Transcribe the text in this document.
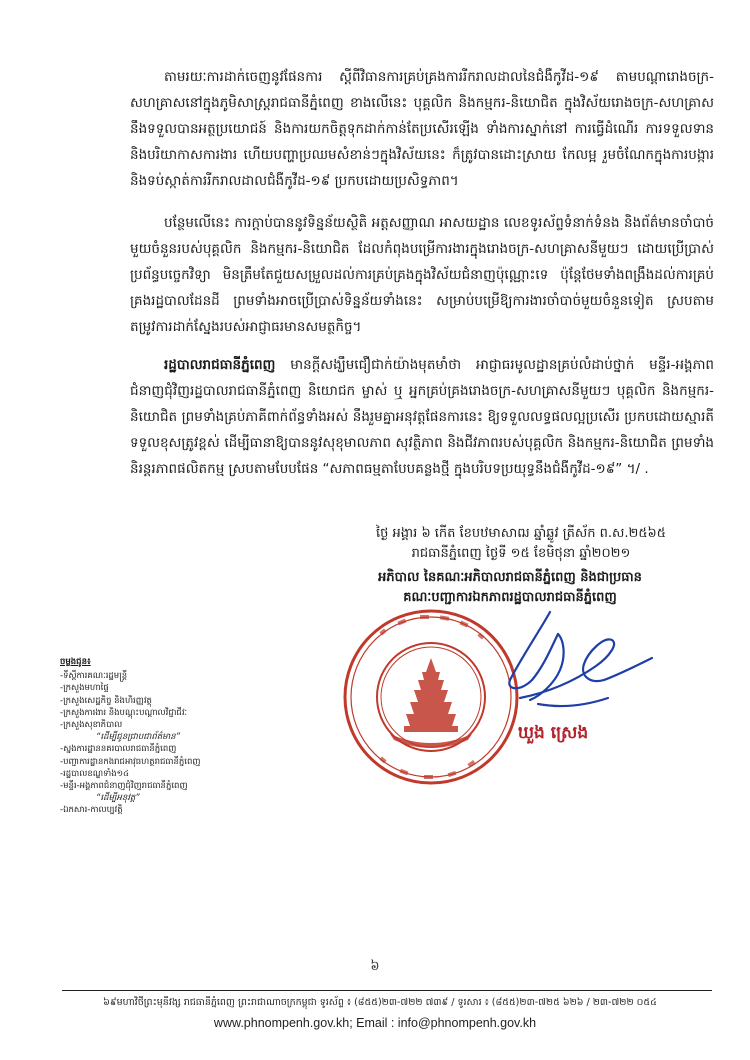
តាមរយៈការដាក់ចេញនូវផែនការ ស្តីពីវិធានការគ្រប់គ្រងការរីករាលដាលនៃជំងឺកូវីដ-១៩ តាមបណ្តារោងចក្រ-សហគ្រាសនៅក្នុងភូមិសាស្ត្ររាជធានីភ្នំពេញ ខាងលើនេះ បុគ្គលិក និងកម្មករ-និយោជិត ក្នុងវិស័យរោងចក្រ-សហគ្រាស នឹងទទួលបានអត្ថប្រយោជន៍ និងការយកចិត្តទុកដាក់កាន់តែប្រសើរឡើង ទាំងការស្នាក់នៅ ការធ្វើដំណើរ ការទទួលទាន និងបរិយាកាសការងារ ហើយបញ្ហាប្រឈមសំខាន់ៗក្នុងវិស័យនេះ ក៏ត្រូវបានដោះស្រាយ កែលម្អ រួមចំណែកក្នុងការបង្ការ និងទប់ស្កាត់ការរីករាលដាលជំងឺកូវីដ-១៩ ប្រកបដោយប្រសិទ្ធភាព។
បន្ថែមលើនេះ ការក្តាប់បាននូវទិន្នន័យស្ថិតិ អត្តសញ្ញាណ អាសយដ្ឋាន លេខទូរស័ព្ទទំនាក់ទំនង និងព័ត៌មានចាំបាច់មួយចំនួនរបស់បុគ្គលិក និងកម្មករ-និយោជិត ដែលកំពុងបម្រើការងារក្នុងរោងចក្រ-សហគ្រាសនីមួយៗ ដោយប្រើប្រាស់ប្រព័ន្ធបច្ចេកវិទ្យា មិនត្រឹមតែជួយសម្រួលដល់ការគ្រប់គ្រងក្នុងវិស័យជំនាញប៉ុណ្ណោះទេ ប៉ុន្តែថែមទាំងពង្រឹងដល់ការគ្រប់គ្រងរដ្ឋបាលដែនដី ព្រមទាំងអាចប្រើប្រាស់ទិន្នន័យទាំងនេះ សម្រាប់បម្រើឱ្យការងារចាំបាច់មួយចំនួនទៀត ស្របតាមតម្រូវការដាក់ស្នែងរបស់អាជ្ញាធរមានសមត្ថកិច្ច។
រដ្ឋបាលរាជធានីភ្នំពេញ មានក្តីសង្ឃឹមជឿជាក់យ៉ាងមុតមាំថា អាជ្ញាធរមូលដ្ឋានគ្រប់លំដាប់ថ្នាក់ មន្ទីរ-អង្គភាពជំនាញជុំវិញរដ្ឋបាលរាជធានីភ្នំពេញ និយោជក ម្ចាស់ ឬ អ្នកគ្រប់គ្រងរោងចក្រ-សហគ្រាសនីមួយៗ បុគ្គលិក និងកម្មករ-និយោជិត ព្រមទាំងគ្រប់ភាគីពាក់ព័ន្ធទាំងអស់ នឹងរួមគ្នាអនុវត្តផែនការនេះ ឱ្យទទួលលទ្ធផលល្អប្រសើរ ប្រកបដោយស្មារតីទទួលខុសត្រូវខ្ពស់ ដើម្បីធានាឱ្យបាននូវសុខុមាលភាព សុវត្ថិភាព និងជីវភាពរបស់បុគ្គលិក និងកម្មករ-និយោជិត ព្រមទាំងនិរន្តរភាពផលិតកម្ម ស្របតាមបែបផែន “សភាពធម្មតាបែបគន្លងថ្មី ក្នុងបរិបទប្រយុទ្ធនឹងជំងឺកូវីដ-១៩” ។/ .
ថ្ងៃ អង្គារ ៦ កើត ខែបឋមាសាឍ ឆ្នាំឆ្លូវ ត្រីស័ក ព.ស.២៥៦៥
រាជធានីភ្នំពេញ ថ្ងៃទី ១៥ ខែមិថុនា ឆ្នាំ២០២១
អភិបាល នៃគណៈអភិបាលរាជធានីភ្នំពេញ និងជាប្រធាន
គណៈបញ្ជាការឯកភាពរដ្ឋបាលរាជធានីភ្នំពេញ
ឃួង ស្រេង
ចម្លងជូន៖
-ទីស្តីការគណៈរដ្ឋមន្ត្រី
-ក្រសួងមហាផ្ទៃ
-ក្រសួងសេដ្ឋកិច្ច និងហិរញ្ញវត្ថុ
-ក្រសួងការងារ និងបណ្តុះបណ្តាលវិជ្ជាជីវៈ
-ក្រសួងសុខាភិបាល
“ដើម្បីជូនជ្រាបជាព័ត៌មាន”
-ស្នងការដ្ឋាននគរបាលរាជធានីភ្នំពេញ
-បញ្ជាការដ្ឋានកងរាជអាវុធហត្ថរាជធានីភ្នំពេញ
-រដ្ឋបាលខណ្ឌទាំង១៤
-មន្ទីរ-អង្គភាពជំនាញជុំវិញរាជធានីភ្នំពេញ
“ដើម្បីអនុវត្ត”
-ឯកសារ-កាលប្បវត្តិ
៦
៦៩មហាវិថីព្រះមុនីវង្ស រាជធានីភ្នំពេញ ព្រះរាជាណាចក្រកម្ពុជា ទូរស័ព្ទ ៖ (៨៥៥)២៣-៧២២ ៧៣៩ / ទូរសារ ៖ (៨៥៥)២៣-៧២៥ ៦២៦ / ២៣-៧២២ ០៥៤
www.phnompenh.gov.kh; Email : info@phnompenh.gov.kh
